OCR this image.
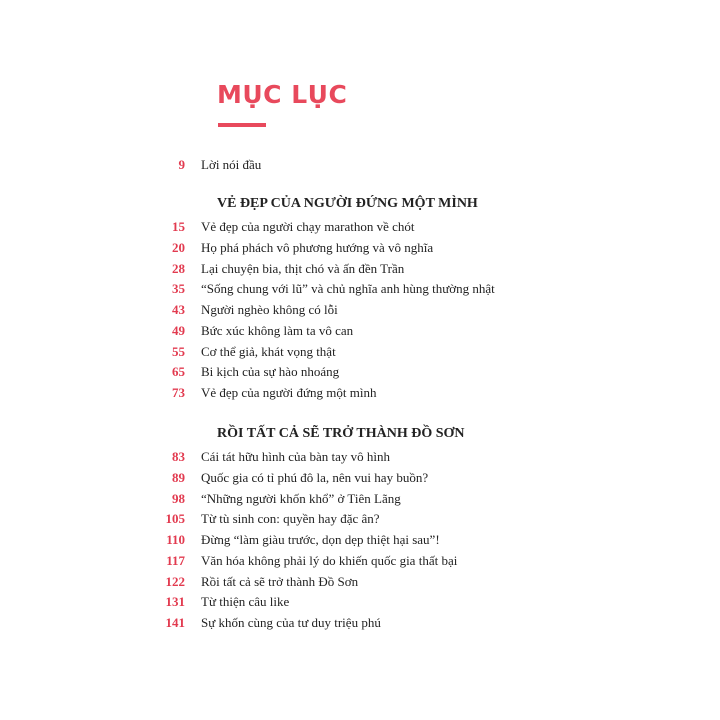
MỤC LỤC
9	Lời nói đầu
VẺ ĐẸP CỦA NGƯỜI ĐỨNG MỘT MÌNH
15	Vẻ đẹp của người chạy marathon về chót
20	Họ phá phách vô phương hướng và vô nghĩa
28	Lại chuyện bia, thịt chó và ấn đền Trần
35	“Sống chung với lũ” và chủ nghĩa anh hùng thường nhật
43	Người nghèo không có lỗi
49	Bức xúc không làm ta vô can
55	Cơ thể giả, khát vọng thật
65	Bi kịch của sự hào nhoáng
73	Vẻ đẹp của người đứng một mình
RỒI TẤT CẢ SẼ TRỞ THÀNH ĐỒ SƠN
83	Cái tát hữu hình của bàn tay vô hình
89	Quốc gia có tỉ phú đô la, nên vui hay buồn?
98	“Những người khốn khổ” ở Tiên Lãng
105	Từ tù sinh con: quyền hay đặc ân?
110	Đừng “làm giàu trước, dọn dẹp thiệt hại sau”!
117	Văn hóa không phải lý do khiến quốc gia thất bại
122	Rồi tất cả sẽ trở thành Đồ Sơn
131	Từ thiện câu like
141	Sự khốn cùng của tư duy triệu phú
